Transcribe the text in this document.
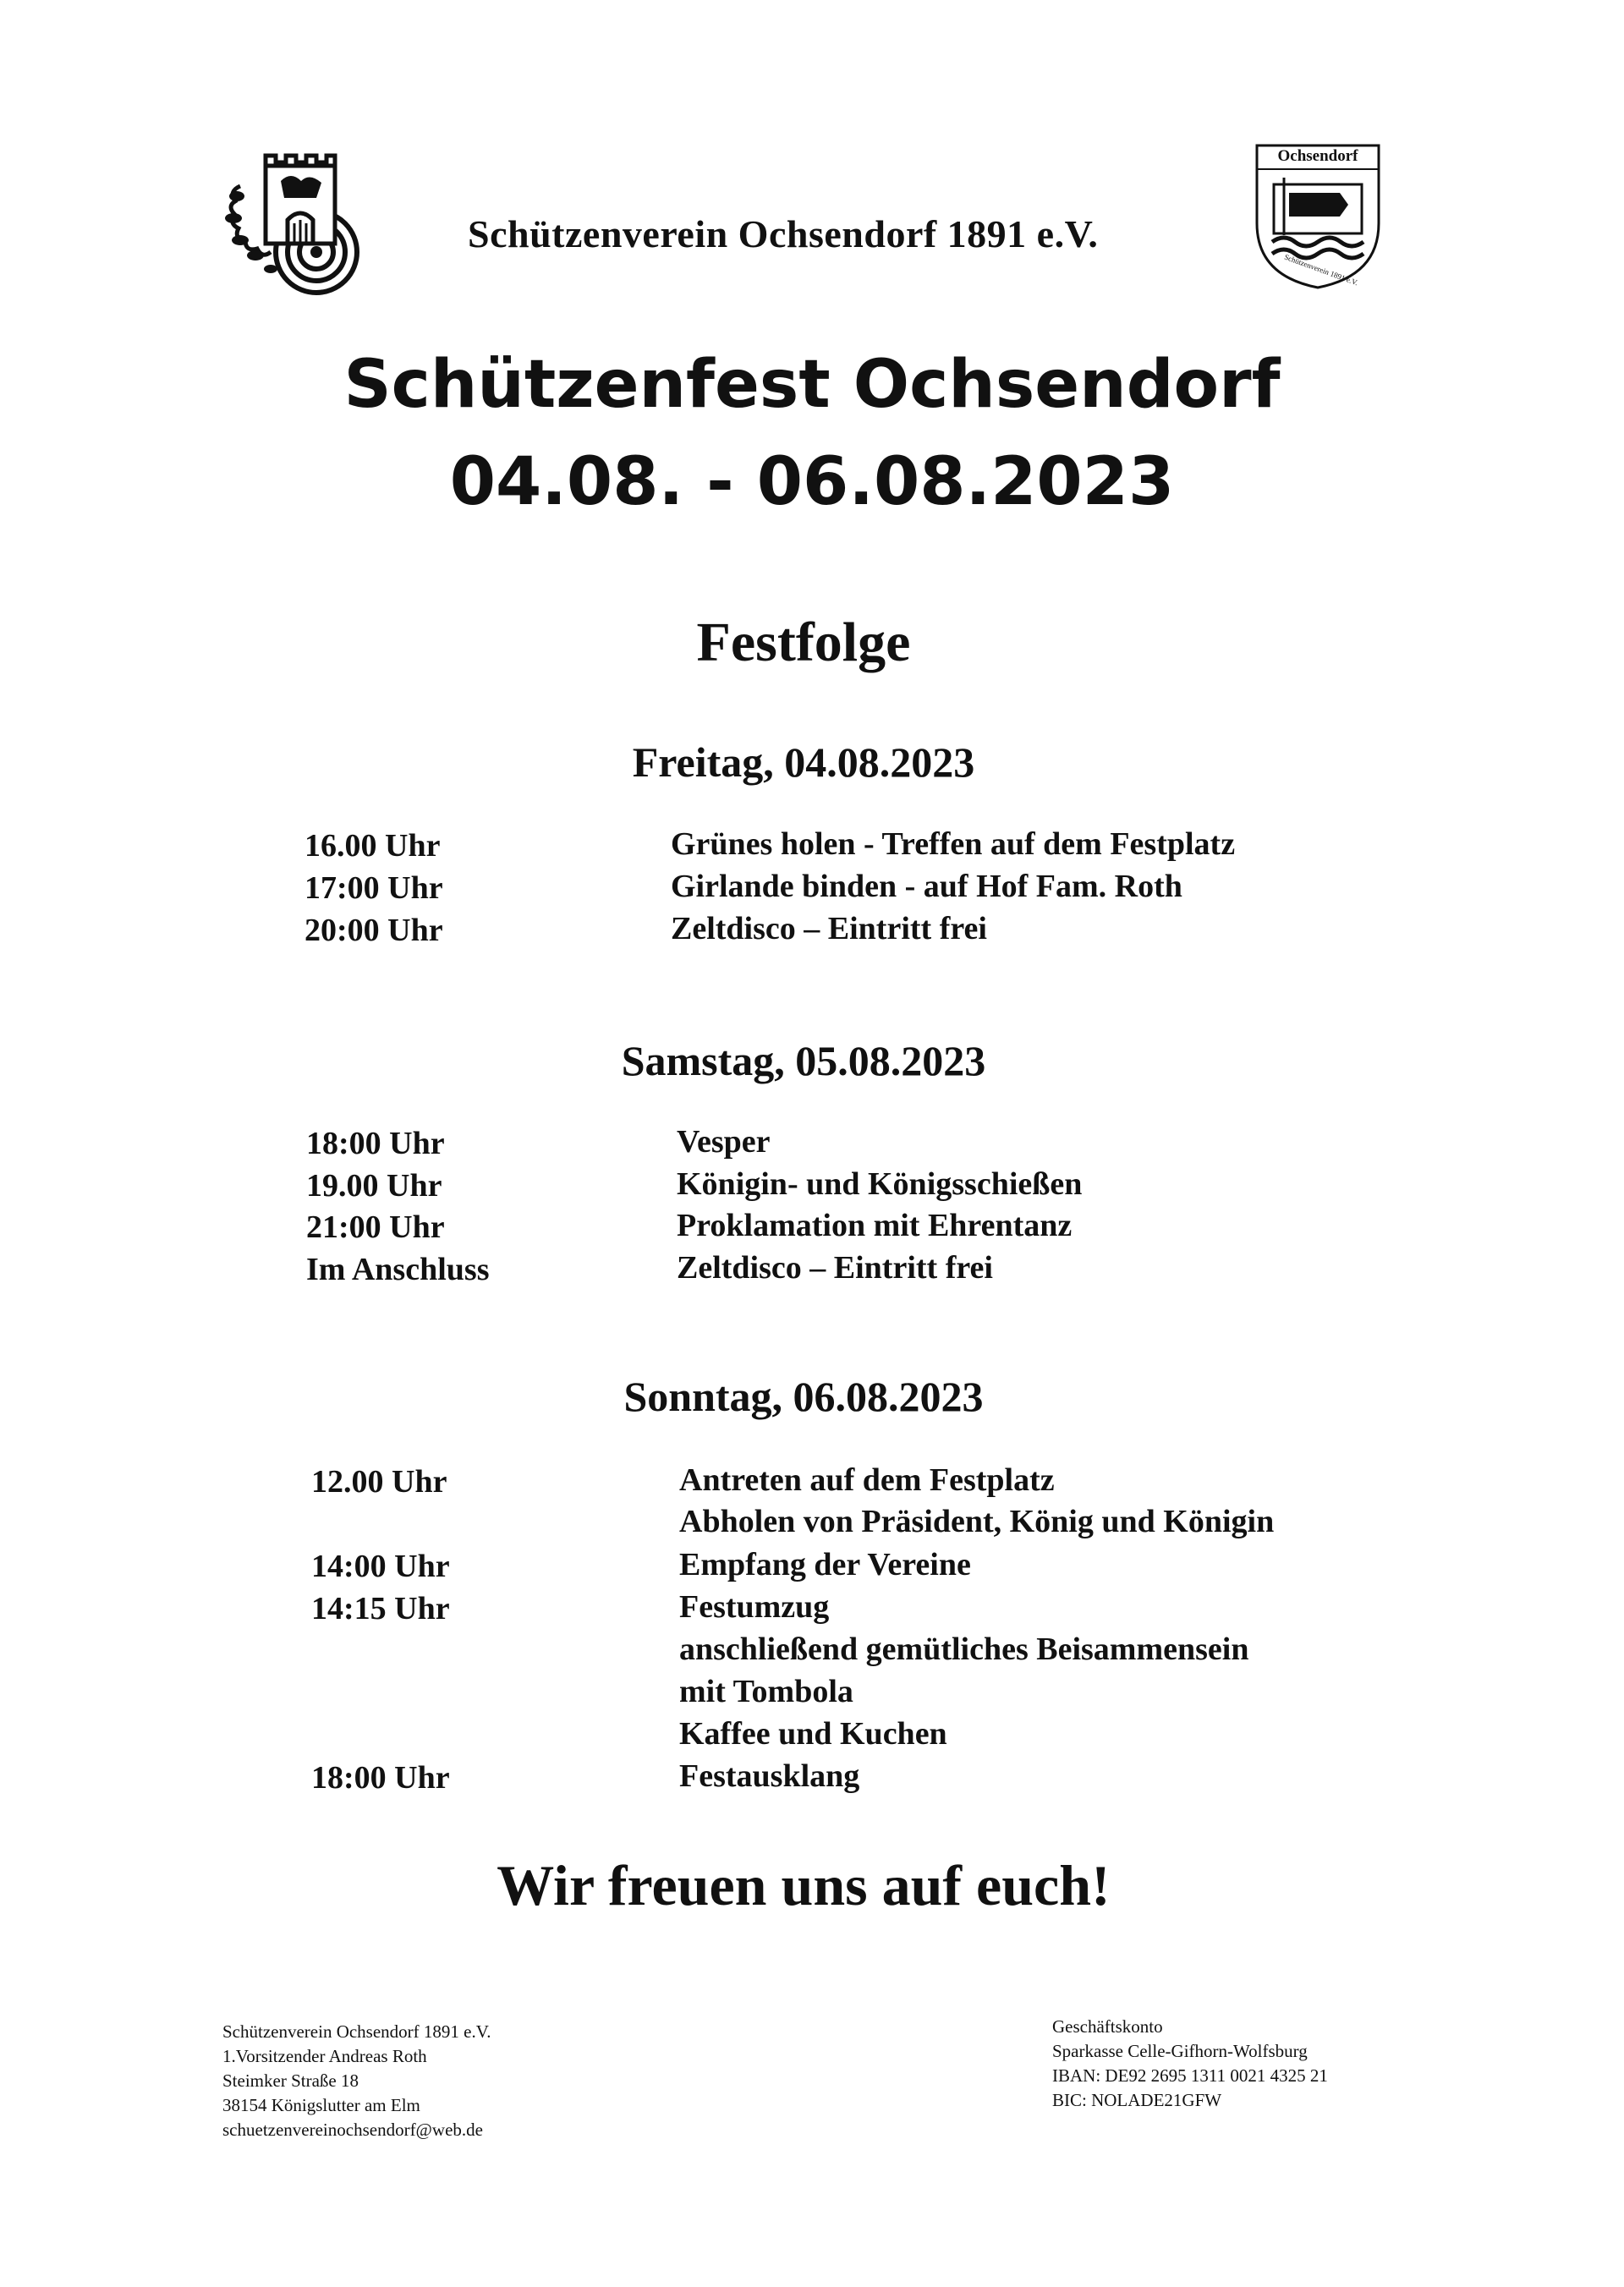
Schützenverein Ochsendorf 1891 e.V.
Ochsendorf
Schützenverein 1891 e.V.
Schützenfest Ochsendorf
04.08. - 06.08.2023
Festfolge
Freitag, 04.08.2023
16.00 Uhr	Grünes holen - Treffen auf dem Festplatz
17:00 Uhr	Girlande binden - auf Hof Fam. Roth
20:00 Uhr	Zeltdisco – Eintritt frei
Samstag, 05.08.2023
18:00 Uhr	Vesper
19.00 Uhr	Königin- und Königsschießen
21:00 Uhr	Proklamation mit Ehrentanz
Im Anschluss	Zeltdisco – Eintritt frei
Sonntag, 06.08.2023
12.00 Uhr	Antreten auf dem Festplatz
Abholen von Präsident, König und Königin
14:00 Uhr	Empfang der Vereine
14:15 Uhr	Festumzug
anschließend gemütliches Beisammensein
mit Tombola
Kaffee und Kuchen
18:00 Uhr	Festausklang
Wir freuen uns auf euch!
Schützenverein Ochsendorf 1891 e.V.
1.Vorsitzender Andreas Roth
Steimker Straße 18
38154 Königslutter am Elm
schuetzenvereinochsendorf@web.de
Geschäftskonto
Sparkasse Celle-Gifhorn-Wolfsburg
IBAN: DE92 2695 1311 0021 4325 21
BIC: NOLADE21GFW
